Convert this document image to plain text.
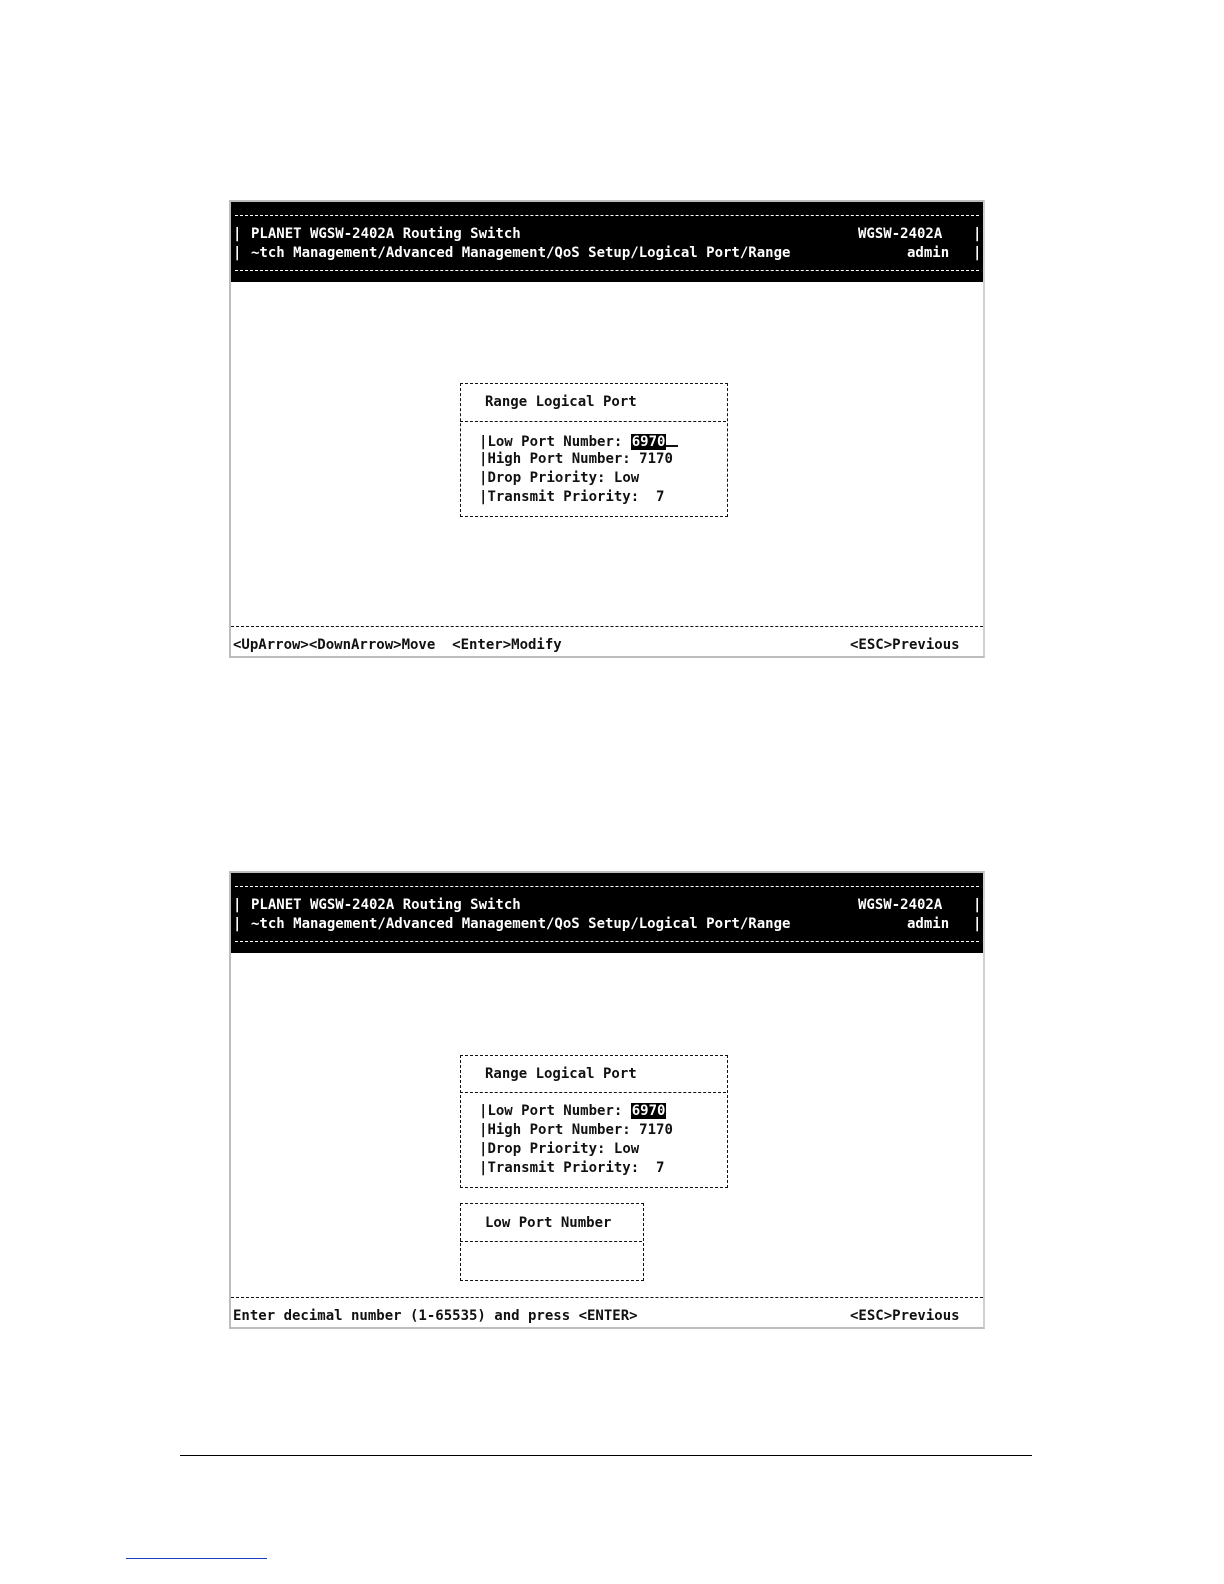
| PLANET WGSW-2402A Routing Switch	WGSW-2402A |
| ~tch Management/Advanced Management/QoS Setup/Logical Port/Range	admin |
Range Logical Port
|Low Port Number: 6970
|High Port Number: 7170
|Drop Priority: Low
|Transmit Priority: 7
<UpArrow><DownArrow>Move  <Enter>Modify	<ESC>Previous
| PLANET WGSW-2402A Routing Switch	WGSW-2402A |
| ~tch Management/Advanced Management/QoS Setup/Logical Port/Range	admin |
Range Logical Port
|Low Port Number: 6970
|High Port Number: 7170
|Drop Priority: Low
|Transmit Priority: 7
Low Port Number
Enter decimal number (1-65535) and press <ENTER>	<ESC>Previous
